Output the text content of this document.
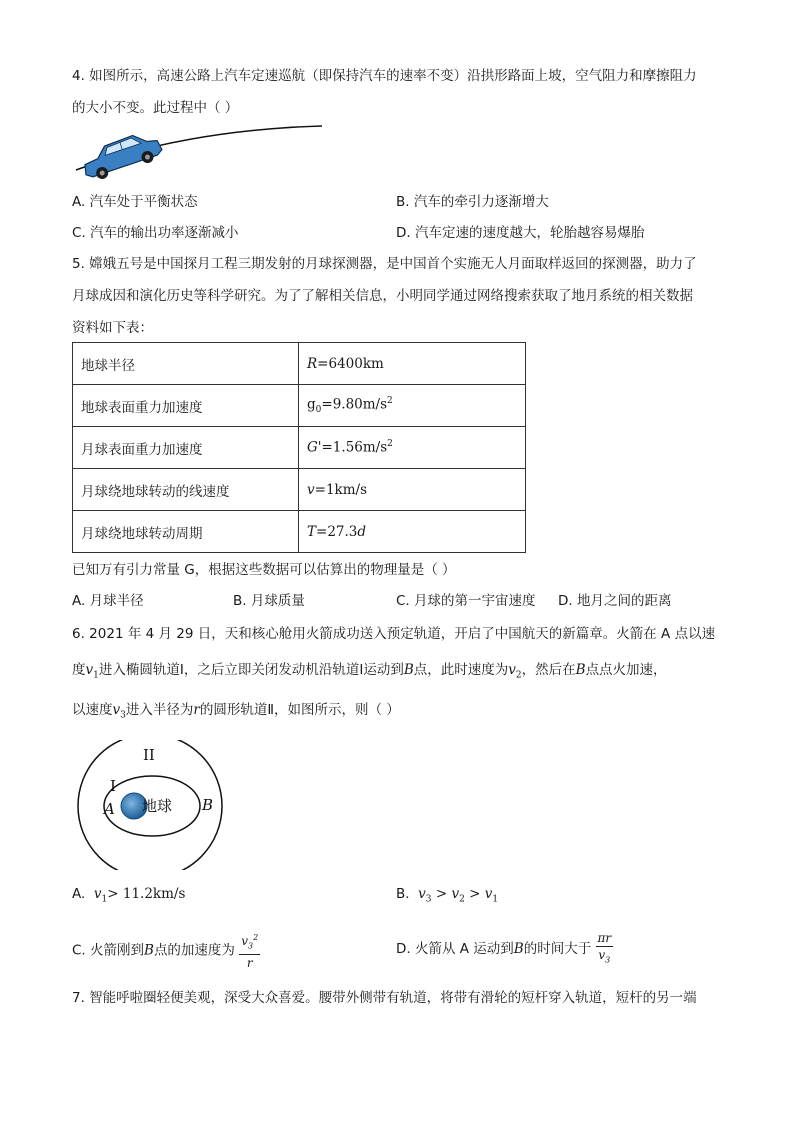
4. 如图所示，高速公路上汽车定速巡航（即保持汽车的速率不变）沿拱形路面上坡，空气阻力和摩擦阻力
的大小不变。此过程中（ ）
A. 汽车处于平衡状态	B. 汽车的牵引力逐渐增大
C. 汽车的输出功率逐渐减小	D. 汽车定速的速度越大，轮胎越容易爆胎
5. 嫦娥五号是中国探月工程三期发射的月球探测器，是中国首个实施无人月面取样返回的探测器，助力了
月球成因和演化历史等科学研究。为了了解相关信息，小明同学通过网络搜索获取了地月系统的相关数据
资料如下表：
地球半径	R=6400km
地球表面重力加速度	$g_0=9.80m/s^2$
月球表面重力加速度	$G'=1.56m/s^2$
月球绕地球转动的线速度	v=1km/s
月球绕地球转动周期	T=27.3d
已知万有引力常量 G，根据这些数据可以估算出的物理量是（ ）
A. 月球半径	B. 月球质量	C. 月球的第一宇宙速度 D. 地月之间的距离
6. 2021 年 4 月 29 日，天和核心舱用火箭成功送入预定轨道，开启了中国航天的新篇章。火箭在 A 点以速
度$v_1$进入椭圆轨道Ⅰ，之后立即关闭发动机沿轨道Ⅰ运动到B点，此时速度为$v_2$，然后在B点点火加速，
以速度$v_3$进入半径为r的圆形轨道Ⅱ，如图所示，则（ ）
地球
II
I
A	B
A. $v_1> 11.2km/s$	B. $v_3 > v_2 > v_1$
C. 火箭刚到B点的加速度为 $\frac{v_3^2}{r}$	D. 火箭从 A 运动到B的时间大于 $\frac{\pi r}{v_3}$
7. 智能呼啦圈轻便美观，深受大众喜爱。腰带外侧带有轨道，将带有滑轮的短杆穿入轨道，短杆的另一端
